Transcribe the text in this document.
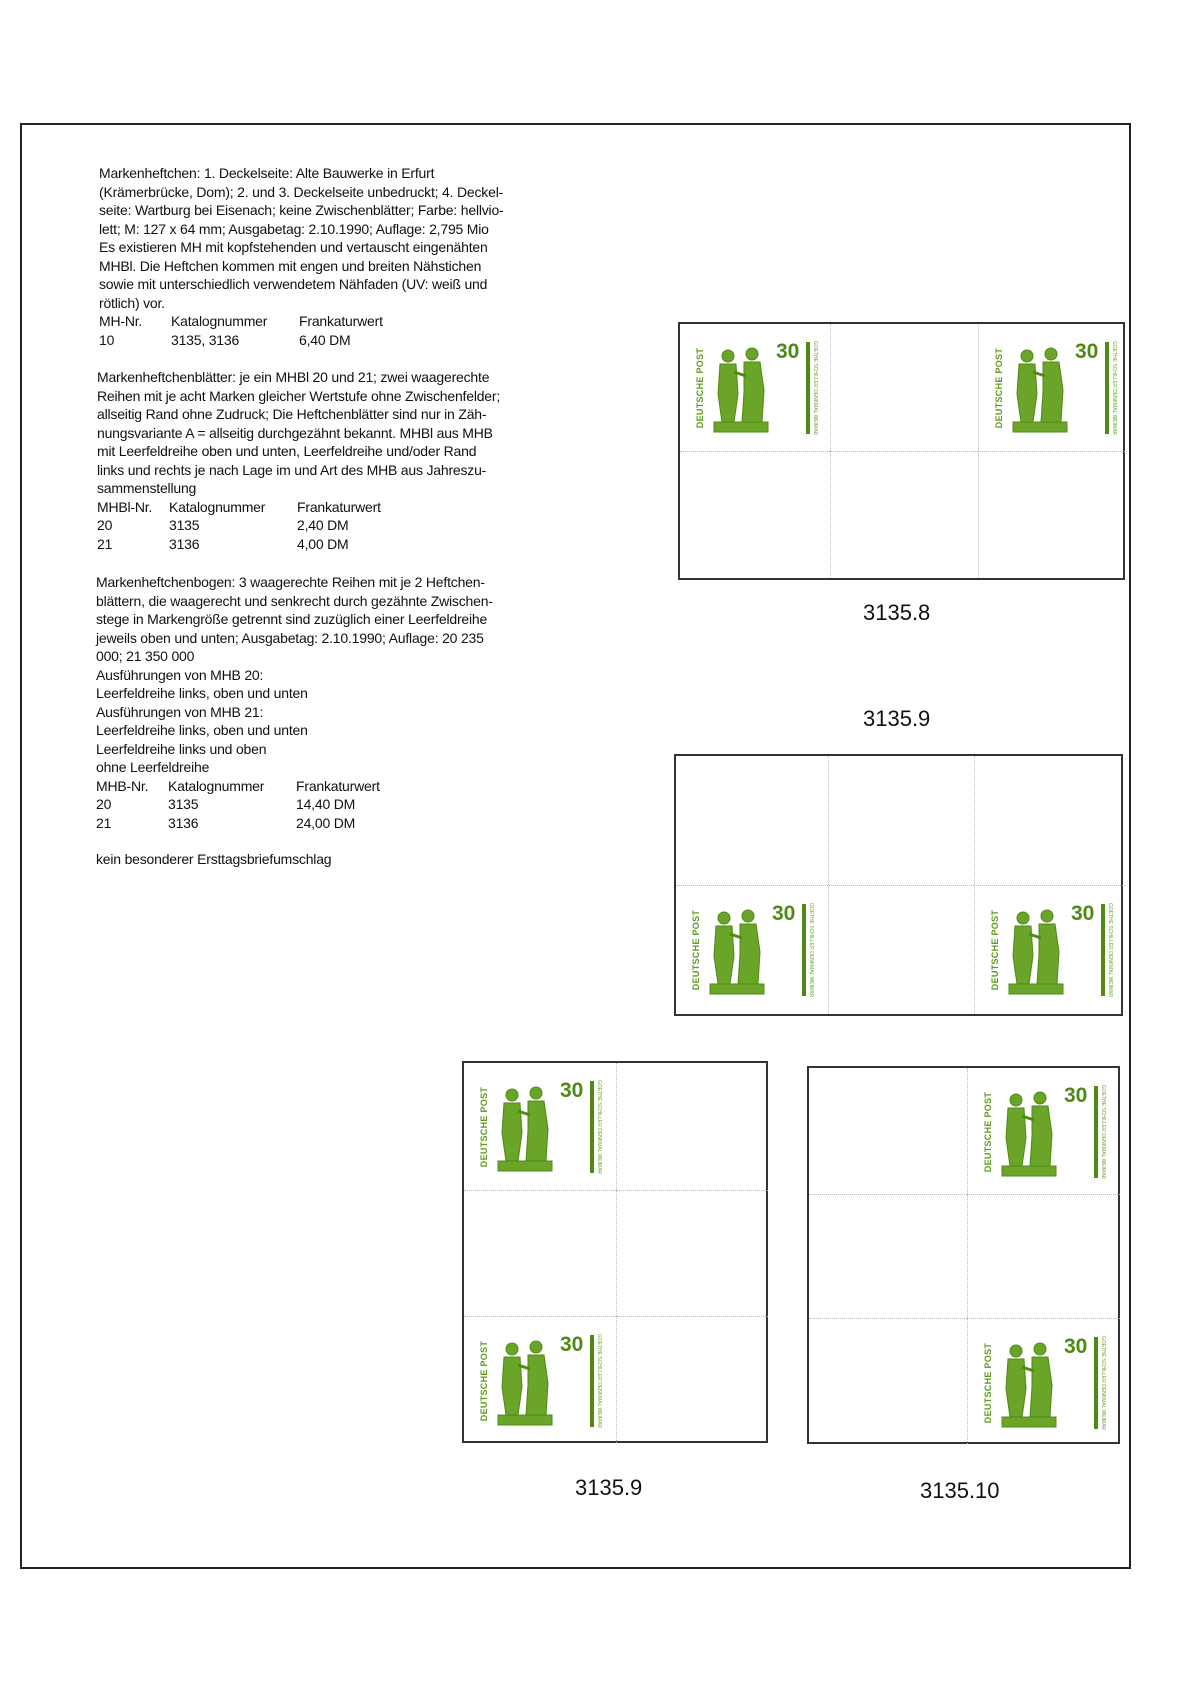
Markenheftchen: 1. Deckelseite: Alte Bauwerke in Erfurt
(Krämerbrücke, Dom); 2. und 3. Deckelseite unbedruckt; 4. Deckel-
seite: Wartburg bei Eisenach; keine Zwischenblätter; Farbe: hellvio-
lett; M: 127 x 64 mm; Ausgabetag: 2.10.1990; Auflage: 2,795 Mio
Es existieren MH mit kopfstehenden und vertauscht eingenähten
MHBl. Die Heftchen kommen mit engen und breiten Nähstichen
sowie mit unterschiedlich verwendetem Nähfaden (UV: weiß und
rötlich) vor.
MH-Nr.	Katalognummer	Frankaturwert
10	3135, 3136	6,40 DM
Markenheftchenblätter: je ein MHBl 20 und 21; zwei waagerechte
Reihen mit je acht Marken gleicher Wertstufe ohne Zwischenfelder;
allseitig Rand ohne Zudruck; Die Heftchenblätter sind nur in Zäh-
nungsvariante A = allseitig durchgezähnt bekannt. MHBl aus MHB
mit Leerfeldreihe oben und unten, Leerfeldreihe und/oder Rand
links und rechts je nach Lage im und Art des MHB aus Jahreszu-
sammenstellung
MHBl-Nr.	Katalognummer	Frankaturwert
20	3135	2,40 DM
21	3136	4,00 DM
Markenheftchenbogen: 3 waagerechte Reihen mit je 2 Heftchen-
blättern, die waagerecht und senkrecht durch gezähnte Zwischen-
stege in Markengröße getrennt sind zuzüglich einer Leerfeldreihe
jeweils oben und unten; Ausgabetag: 2.10.1990; Auflage: 20 235
000; 21 350 000
Ausführungen von MHB 20:
Leerfeldreihe links, oben und unten
Ausführungen von MHB 21:
Leerfeldreihe links, oben und unten
Leerfeldreihe links und oben
ohne Leerfeldreihe
MHB-Nr.	Katalognummer	Frankaturwert
20	3135	14,40 DM
21	3136	24,00 DM
kein besonderer Ersttagsbriefumschlag
DEUTSCHE POST	30	GOETHE SCHILLER DENKMAL WEIMAR	DEUTSCHE POST	30	GOETHE SCHILLER DENKMAL WEIMAR
3135.8
3135.9
DEUTSCHE POST	30	GOETHE SCHILLER DENKMAL WEIMAR	DEUTSCHE POST	30	GOETHE SCHILLER DENKMAL WEIMAR
DEUTSCHE POST	30	GOETHE SCHILLER DENKMAL WEIMAR
DEUTSCHE POST	30	GOETHE SCHILLER DENKMAL WEIMAR
3135.9
DEUTSCHE POST	30	GOETHE SCHILLER DENKMAL WEIMAR
DEUTSCHE POST	30	GOETHE SCHILLER DENKMAL WEIMAR
3135.10
